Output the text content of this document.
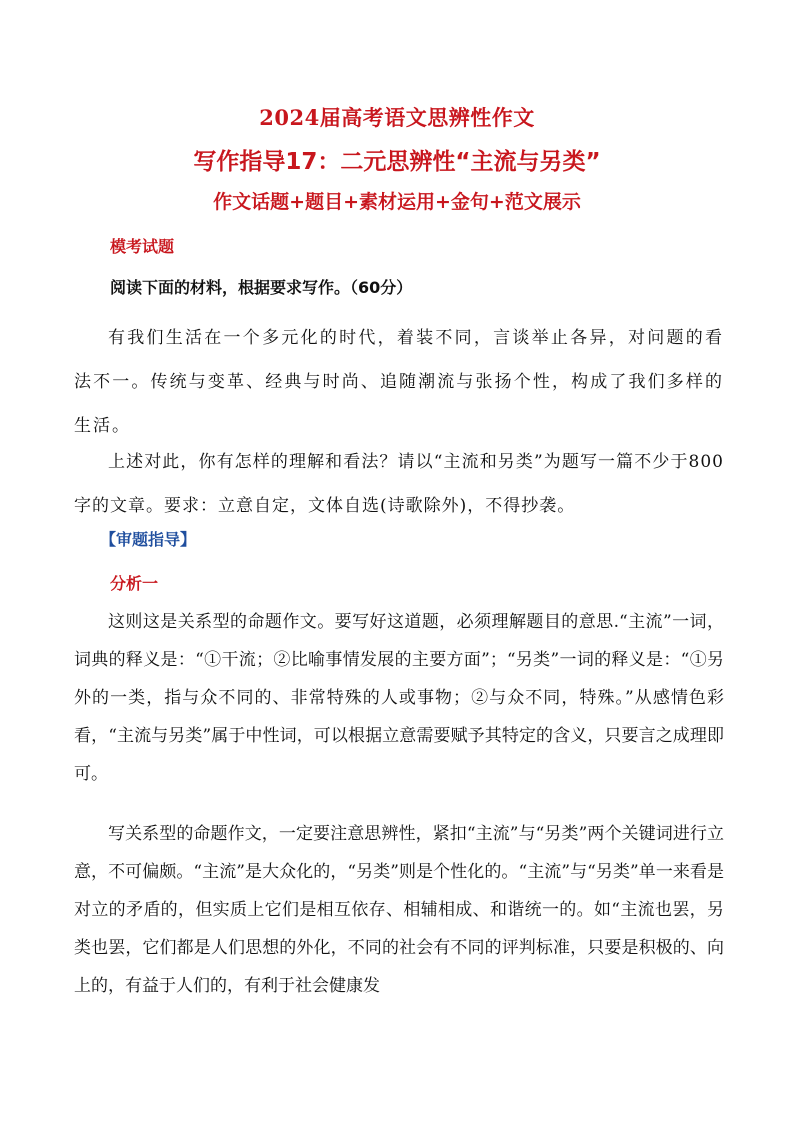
2024届高考语文思辨性作文
写作指导17：二元思辨性“主流与另类”
作文话题+题目+素材运用+金句+范文展示
模考试题
阅读下面的材料，根据要求写作。（60分）
有我们生活在一个多元化的时代，着装不同，言谈举止各异，对问题的看法不一。传统与变革、经典与时尚、追随潮流与张扬个性，构成了我们多样的生活。
上述对此，你有怎样的理解和看法？请以“主流和另类”为题写一篇不少于800字的文章。要求：立意自定，文体自选(诗歌除外)，不得抄袭。
【审题指导】
分析一
这则这是关系型的命题作文。要写好这道题，必须理解题目的意思.“主流”一词，词典的释义是：“①干流；②比喻事情发展的主要方面”；“另类”一词的释义是：“①另外的一类，指与众不同的、非常特殊的人或事物；②与众不同，特殊。”从感情色彩看，“主流与另类”属于中性词，可以根据立意需要赋予其特定的含义，只要言之成理即可。
写关系型的命题作文，一定要注意思辨性，紧扣“主流”与“另类”两个关键词进行立意，不可偏颇。“主流”是大众化的，“另类”则是个性化的。“主流”与“另类”单一来看是对立的矛盾的，但实质上它们是相互依存、相辅相成、和谐统一的。如“主流也罢，另类也罢，它们都是人们思想的外化，不同的社会有不同的评判标准，只要是积极的、向上的，有益于人们的，有利于社会健康发
